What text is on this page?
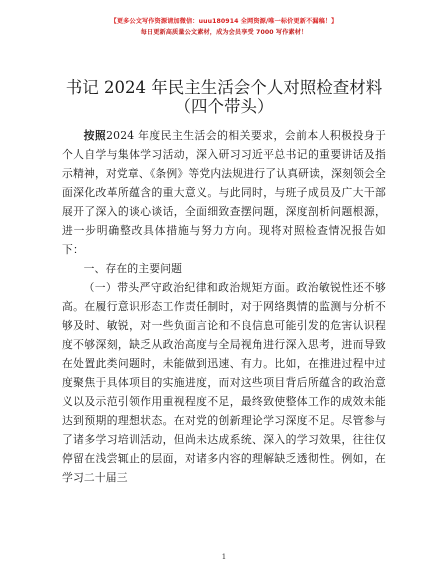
【更多公文写作资源请加微信：uuu180914 全网资源/唯一标价更新不漏稿！】
每日更新高质量公文素材，成为会员享受 7000 写作素材！
书记 2024 年民主生活会个人对照检查材料（四个带头）

按照2024 年度民主生活会的相关要求，会前本人积极投身于个人自学与集体学习活动，深入研习习近平总书记的重要讲话及指示精神，对党章、《条例》等党内法规进行了认真研读，深刻领会全面深化改革所蕴含的重大意义。与此同时，与班子成员及广大干部展开了深入的谈心谈话，全面细致查摆问题，深度剖析问题根源，进一步明确整改具体措施与努力方向。现将对照检查情况报告如下：

一、存在的主要问题

（一）带头严守政治纪律和政治规矩方面。政治敏锐性还不够高。在履行意识形态工作责任制时，对于网络舆情的监测与分析不够及时、敏锐，对一些负面言论和不良信息可能引发的危害认识程度不够深刻，缺乏从政治高度与全局视角进行深入思考，进而导致在处置此类问题时，未能做到迅速、有力。比如，在推进过程中过度聚焦于具体项目的实施进度，而对这些项目背后所蕴含的政治意义以及示范引领作用重视程度不足，最终致使整体工作的成效未能达到预期的理想状态。在对党的创新理论学习深度不足。尽管参与了诸多学习培训活动，但尚未达成系统、深入的学习效果，往往仅停留在浅尝辄止的层面，对诸多内容的理解缺乏透彻性。例如，在学习二十届三

1
